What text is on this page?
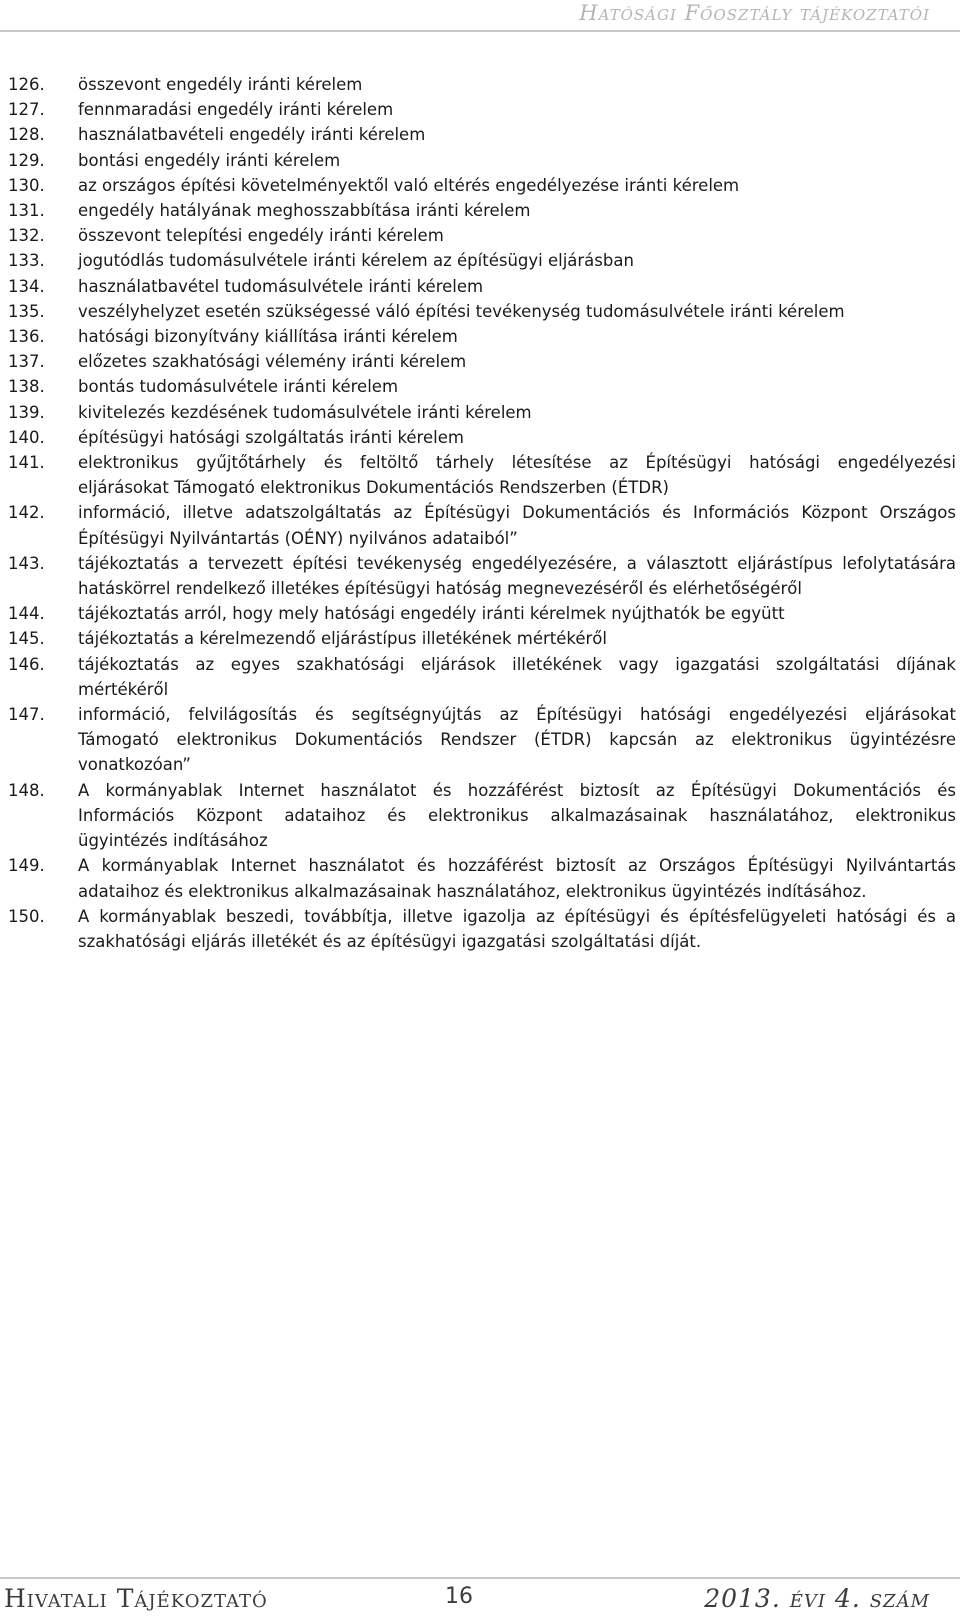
Hatósági Főosztály tájékoztatói
126.	összevont engedély iránti kérelem
127.	fennmaradási engedély iránti kérelem
128.	használatbavételi engedély iránti kérelem
129.	bontási engedély iránti kérelem
130.	az országos építési követelményektől való eltérés engedélyezése iránti kérelem
131.	engedély hatályának meghosszabbítása iránti kérelem
132.	összevont telepítési engedély iránti kérelem
133.	jogutódlás tudomásulvétele iránti kérelem az építésügyi eljárásban
134.	használatbavétel tudomásulvétele iránti kérelem
135.	veszélyhelyzet esetén szükségessé váló építési tevékenység tudomásulvétele iránti kérelem
136.	hatósági bizonyítvány kiállítása iránti kérelem
137.	előzetes szakhatósági vélemény iránti kérelem
138.	bontás tudomásulvétele iránti kérelem
139.	kivitelezés kezdésének tudomásulvétele iránti kérelem
140.	építésügyi hatósági szolgáltatás iránti kérelem
141.	elektronikus gyűjtőtárhely és feltöltő tárhely létesítése az Építésügyi hatósági engedélyezési
eljárásokat Támogató elektronikus Dokumentációs Rendszerben (ÉTDR)
142.	információ, illetve adatszolgáltatás az Építésügyi Dokumentációs és Információs Központ Országos
Építésügyi Nyilvántartás (OÉNY) nyilvános adataiból”
143.	tájékoztatás a tervezett építési tevékenység engedélyezésére, a választott eljárástípus lefolytatására
hatáskörrel rendelkező illetékes építésügyi hatóság megnevezéséről és elérhetőségéről
144.	tájékoztatás arról, hogy mely hatósági engedély iránti kérelmek nyújthatók be együtt
145.	tájékoztatás a kérelmezendő eljárástípus illetékének mértékéről
146.	tájékoztatás az egyes szakhatósági eljárások illetékének vagy igazgatási szolgáltatási díjának
mértékéről
147.	információ, felvilágosítás és segítségnyújtás az Építésügyi hatósági engedélyezési eljárásokat
Támogató elektronikus Dokumentációs Rendszer (ÉTDR) kapcsán az elektronikus ügyintézésre
vonatkozóan”
148.	A kormányablak Internet használatot és hozzáférést biztosít az Építésügyi Dokumentációs és
Információs Központ adataihoz és elektronikus alkalmazásainak használatához, elektronikus
ügyintézés indításához
149.	A kormányablak Internet használatot és hozzáférést biztosít az Országos Építésügyi Nyilvántartás
adataihoz és elektronikus alkalmazásainak használatához, elektronikus ügyintézés indításához.
150.	A kormányablak beszedi, továbbítja, illetve igazolja az építésügyi és építésfelügyeleti hatósági és a
szakhatósági eljárás illetékét és az építésügyi igazgatási szolgáltatási díját.
Hivatali Tájékoztató	16	2013. évi 4. szám
